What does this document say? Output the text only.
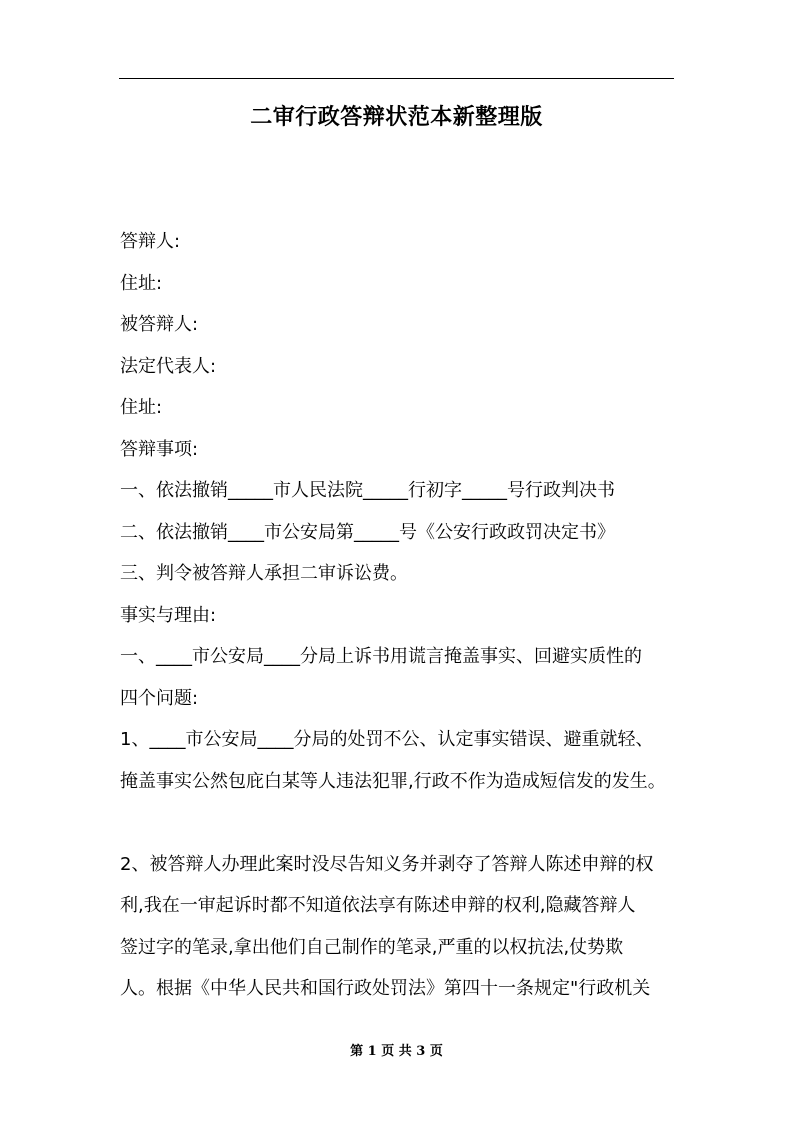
二审行政答辩状范本新整理版
答辩人:
住址:
被答辩人:
法定代表人:
住址:
答辩事项:
一、依法撤销_____市人民法院_____行初字_____号行政判决书
二、依法撤销____市公安局第_____号《公安行政政罚决定书》
三、判令被答辩人承担二审诉讼费。
事实与理由:
一、____市公安局____分局上诉书用谎言掩盖事实、回避实质性的
四个问题:
1、____市公安局____分局的处罚不公、认定事实错误、避重就轻、
掩盖事实公然包庇白某等人违法犯罪,行政不作为造成短信发的发生。
2、被答辩人办理此案时没尽告知义务并剥夺了答辩人陈述申辩的权
利,我在一审起诉时都不知道依法享有陈述申辩的权利,隐藏答辩人
签过字的笔录,拿出他们自己制作的笔录,严重的以权抗法,仗势欺
人。根据《中华人民共和国行政处罚法》第四十一条规定"行政机关
第 1 页 共 3 页
